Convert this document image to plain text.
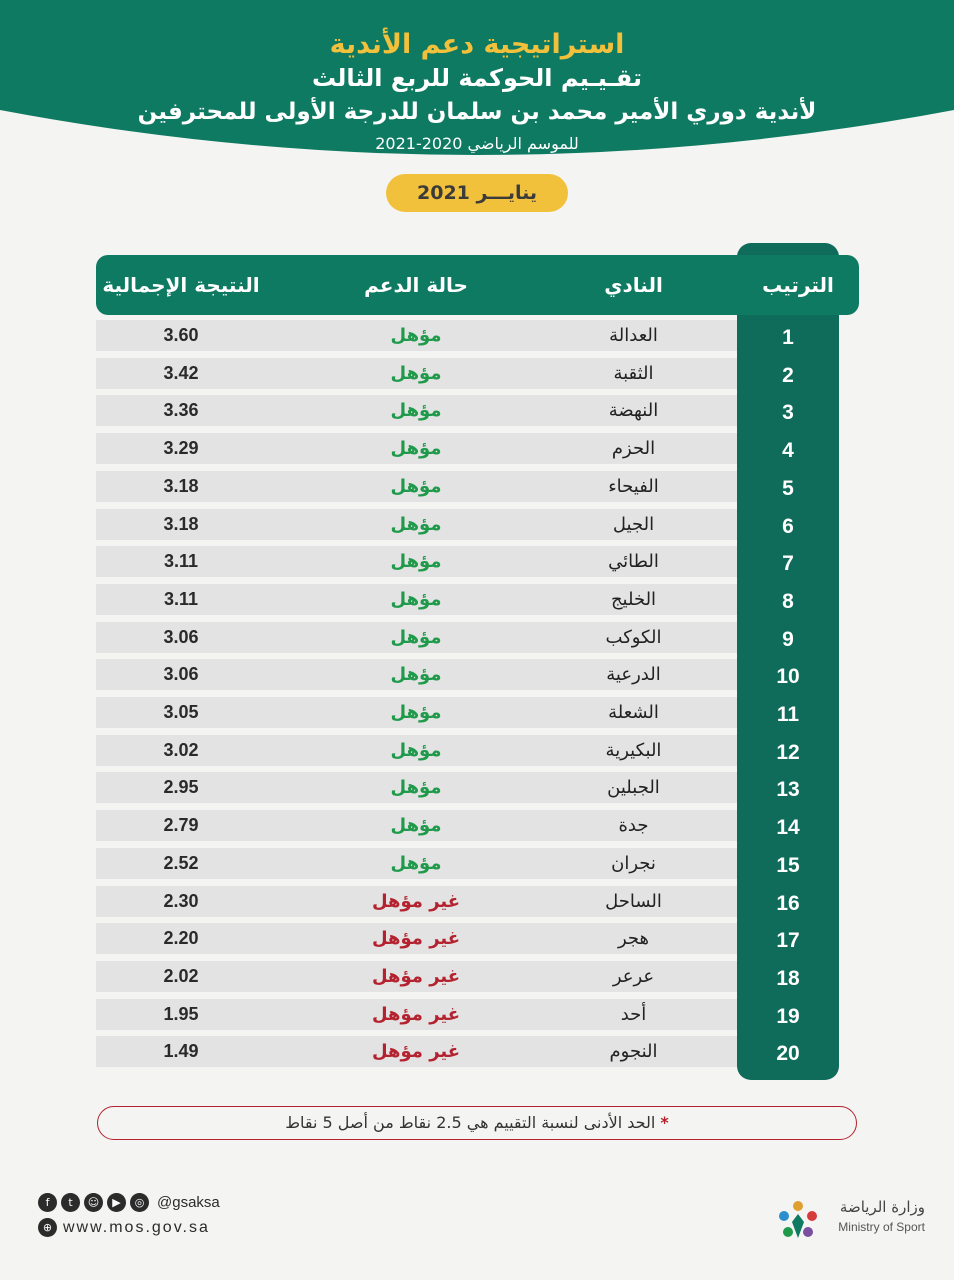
استراتيجية دعم الأندية
تقـيـيم الحوكمة للربع الثالث
لأندية دوري الأمير محمد بن سلمان للدرجة الأولى للمحترفين
للموسم الرياضي 2020-2021
ينايـــر 2021
النتيجة الإجمالية	حالة الدعم	النادي	الترتيب
3.60	مؤهل	العدالة	1
3.42	مؤهل	الثقبة	2
3.36	مؤهل	النهضة	3
3.29	مؤهل	الحزم	4
3.18	مؤهل	الفيحاء	5
3.18	مؤهل	الجيل	6
3.11	مؤهل	الطائي	7
3.11	مؤهل	الخليج	8
3.06	مؤهل	الكوكب	9
3.06	مؤهل	الدرعية	10
3.05	مؤهل	الشعلة	11
3.02	مؤهل	البكيرية	12
2.95	مؤهل	الجبلين	13
2.79	مؤهل	جدة	14
2.52	مؤهل	نجران	15
2.30	غير مؤهل	الساحل	16
2.20	غير مؤهل	هجر	17
2.02	غير مؤهل	عرعر	18
1.95	غير مؤهل	أحد	19
1.49	غير مؤهل	النجوم	20
* الحد الأدنى لنسبة التقييم هي 2.5 نقاط من أصل 5 نقاط
f	t	☺	▶	◎ @gsaksa
⊕ www.mos.gov.sa
وزارة الرياضة
Ministry of Sport
